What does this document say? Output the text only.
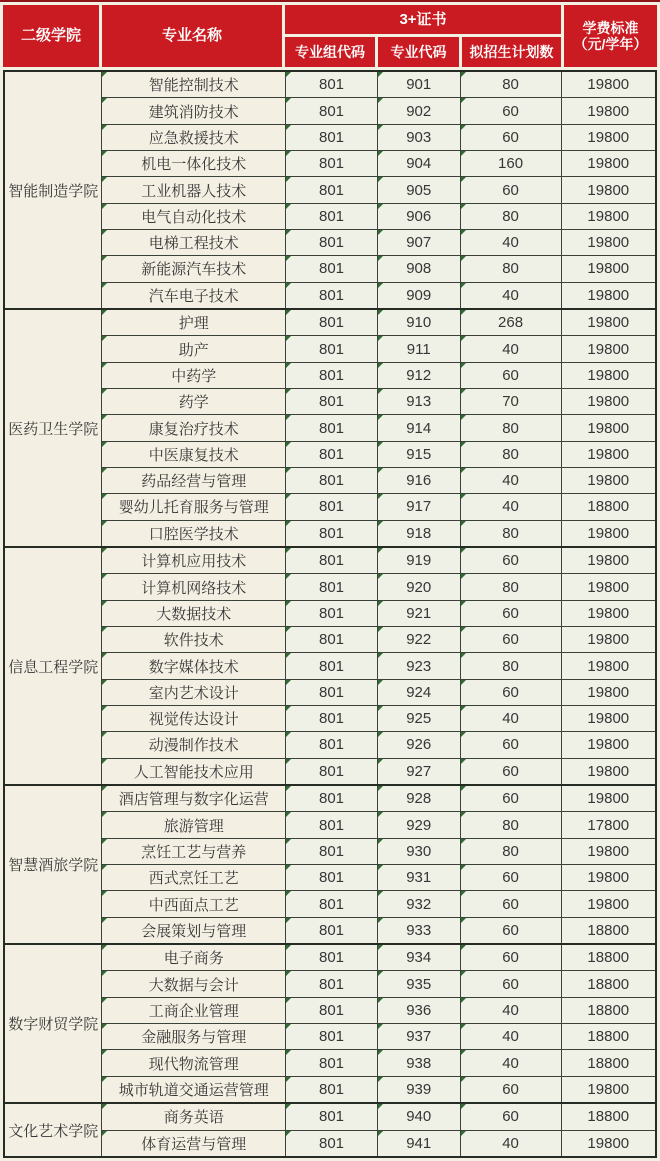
二级学院	专业名称
3+证书
专业组代码	专业代码	拟招生计划数
学费标准
（元/学年）
智能制造学院	智能控制技术	801	901	80	19800
	建筑消防技术	801	902	60	19800
	应急救援技术	801	903	60	19800
	机电一体化技术	801	904	160	19800
	工业机器人技术	801	905	60	19800
	电气自动化技术	801	906	80	19800
	电梯工程技术	801	907	40	19800
	新能源汽车技术	801	908	80	19800
	汽车电子技术	801	909	40	19800
医药卫生学院	护理	801	910	268	19800
	助产	801	911	40	19800
	中药学	801	912	60	19800
	药学	801	913	70	19800
	康复治疗技术	801	914	80	19800
	中医康复技术	801	915	80	19800
	药品经营与管理	801	916	40	19800
	婴幼儿托育服务与管理	801	917	40	18800
	口腔医学技术	801	918	80	19800
信息工程学院	计算机应用技术	801	919	60	19800
	计算机网络技术	801	920	80	19800
	大数据技术	801	921	60	19800
	软件技术	801	922	60	19800
	数字媒体技术	801	923	80	19800
	室内艺术设计	801	924	60	19800
	视觉传达设计	801	925	40	19800
	动漫制作技术	801	926	60	19800
	人工智能技术应用	801	927	60	19800
智慧酒旅学院	酒店管理与数字化运营	801	928	60	19800
	旅游管理	801	929	80	17800
	烹饪工艺与营养	801	930	80	19800
	西式烹饪工艺	801	931	60	19800
	中西面点工艺	801	932	60	19800
	会展策划与管理	801	933	60	18800
数字财贸学院	电子商务	801	934	60	18800
	大数据与会计	801	935	60	18800
	工商企业管理	801	936	40	18800
	金融服务与管理	801	937	40	18800
	现代物流管理	801	938	40	18800
	城市轨道交通运营管理	801	939	60	19800
文化艺术学院	商务英语	801	940	60	18800
	体育运营与管理	801	941	40	19800
